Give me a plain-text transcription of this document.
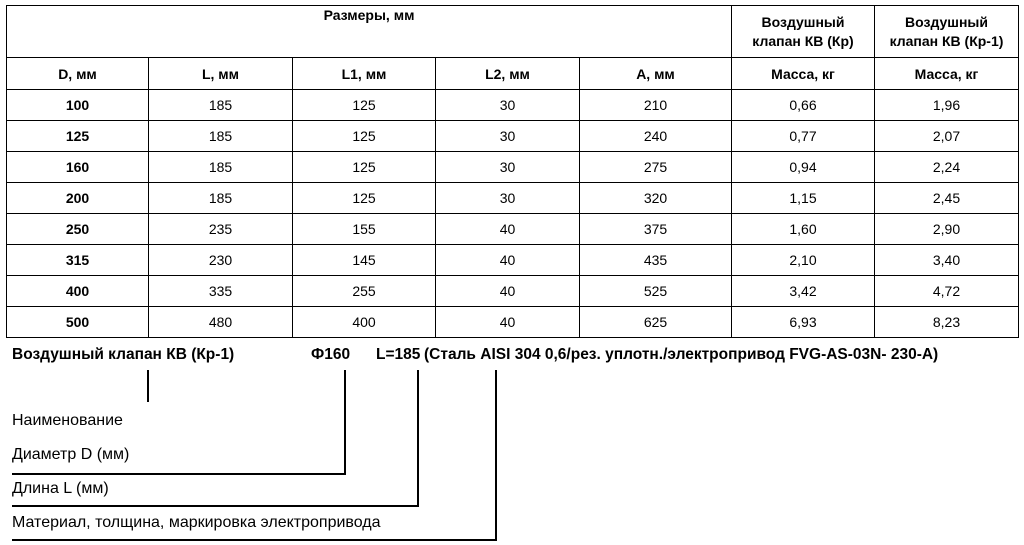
Размеры, мм					Воздушный
клапан КВ (Кр)	Воздушный
клапан КВ (Кр-1)

D, мм	L, мм	L1, мм	L2, мм	A, мм	Масса, кг	Масса, кг
100	185	125	30	210	0,66	1,96
125	185	125	30	240	0,77	2,07
160	185	125	30	275	0,94	2,24
200	185	125	30	320	1,15	2,45
250	235	155	40	375	1,60	2,90
315	230	145	40	435	2,10	3,40
400	335	255	40	525	3,42	4,72
500	480	400	40	625	6,93	8,23
Воздушный клапан КВ (Кр-1)	Ф160 L=185 (Сталь AISI 304 0,6/рез. уплотн./электропривод FVG-AS-03N- 230-А)
Наименование
Диаметр D (мм)
Длина L (мм)
Материал, толщина, маркировка электропривода
